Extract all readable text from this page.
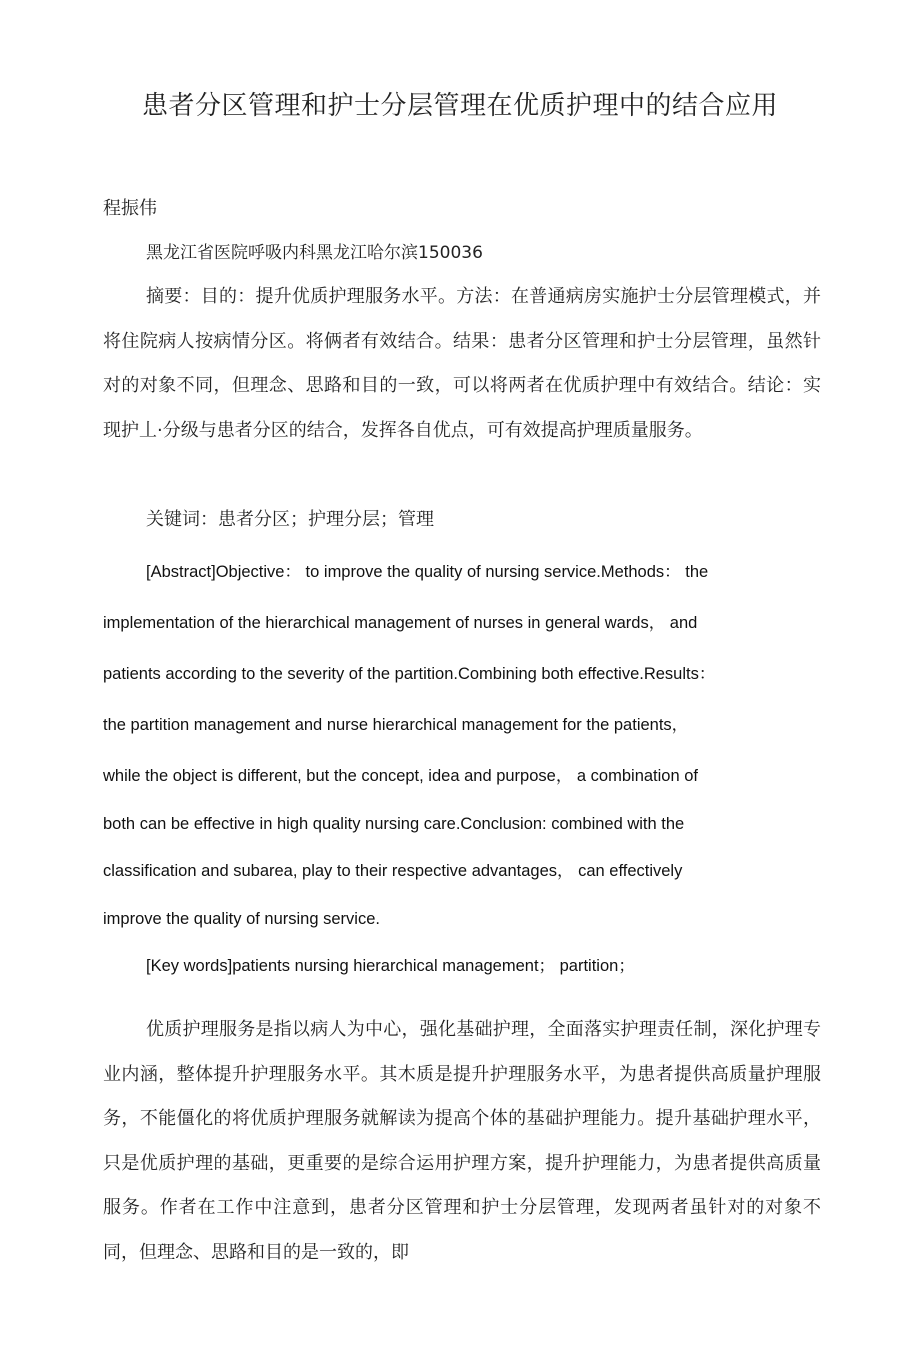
患者分区管理和护士分层管理在优质护理中的结合应用
程振伟
黑龙江省医院呼吸内科黑龙江哈尔滨150036

摘要：目的：提升优质护理服务水平。方法：在普通病房实施护士分层管理模式，并将住院病人按病情分区。将俩者有效结合。结果：患者分区管理和护士分层管理，虽然针对的对象不同，但理念、思路和目的一致，可以将两者在优质护理中有效结合。结论：实现护丄·分级与患者分区的结合，发挥各自优点，可有效提高护理质量服务。

关键词：患者分区；护理分层；管理
[Abstract]Objective： to improve the quality of nursing service.Methods： the
implementation of the hierarchical management of nurses in general wards， and
patients according to the severity of the partition.Combining both effective.Results：
the partition management and nurse hierarchical management for the patients，
while the object is different, but the concept, idea and purpose， a combination of
both can be effective in high quality nursing care.Conclusion: combined with the
classification and subarea, play to their respective advantages， can effectively
improve the quality of nursing service.
[Key words]patients nursing hierarchical management； partition；

优质护理服务是指以病人为中心，强化基础护理，全面落实护理责任制，深化护理专业内涵，整体提升护理服务水平。其木质是提升护理服务水平，为患者提供高质量护理服务，不能僵化的将优质护理服务就解读为提高个体的基础护理能力。提升基础护理水平，只是优质护理的基础，更重要的是综合运用护理方案，提升护理能力，为患者提供高质量服务。作者在工作中注意到，患者分区管理和护士分层管理，发现两者虽针对的对象不同，但理念、思路和目的是一致的，即
